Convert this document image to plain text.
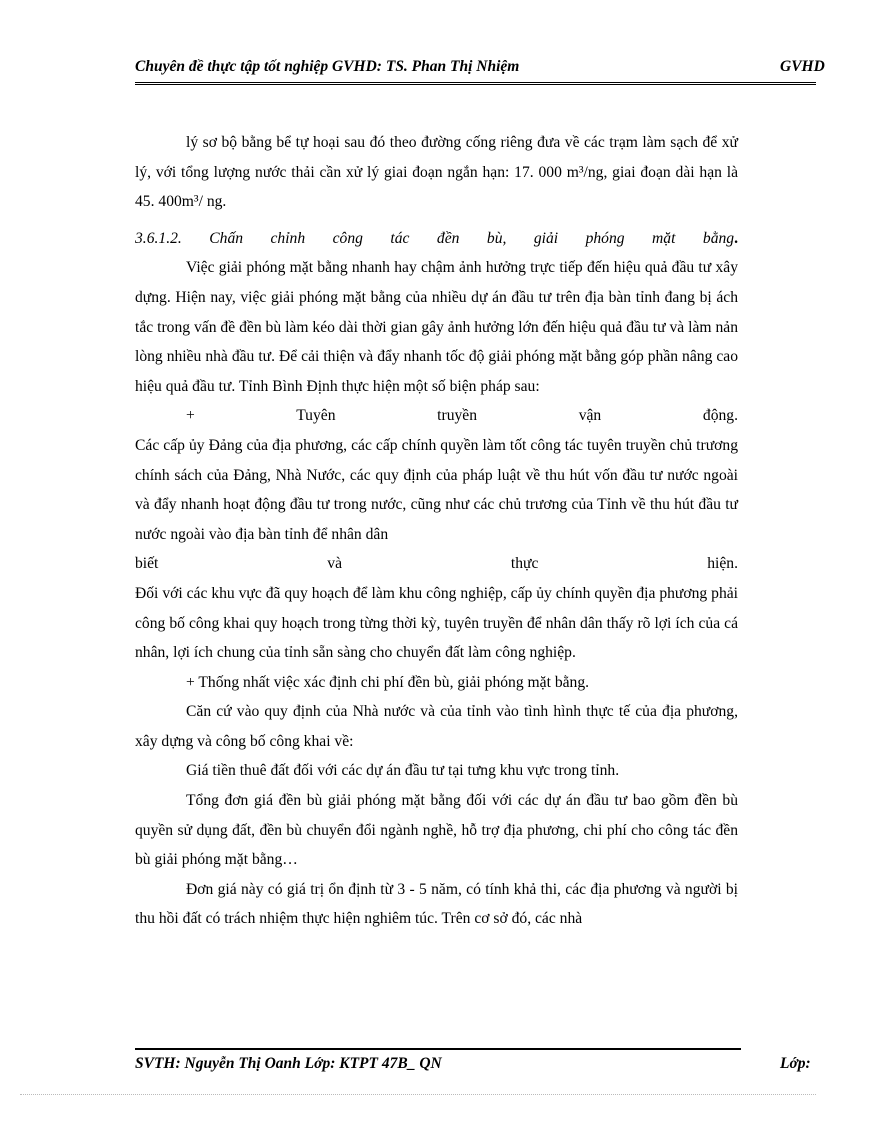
Chuyên đề thực tập tốt nghiệp GVHD: TS. Phan Thị Nhiệm	GVHD

lý sơ bộ bằng bể tự hoại sau đó theo đường cống riêng đưa về các trạm làm sạch để xử lý, với tổng lượng nước thải cần xử lý giai đoạn ngắn hạn: 17. 000 m³/ng, giai đoạn dài hạn là 45. 400m³/ ng.

3.6.1.2. Chấn chỉnh công tác đền bù, giải phóng mặt bằng.

Việc giải phóng mặt bằng nhanh hay chậm ảnh hưởng trực tiếp đến hiệu quả đầu tư xây dựng. Hiện nay, việc giải phóng mặt bằng của nhiều dự án đầu tư trên địa bàn tỉnh đang bị ách tắc trong vấn đề đền bù làm kéo dài thời gian gây ảnh hưởng lớn đến hiệu quả đầu tư và làm nản lòng nhiều nhà đầu tư. Để cải thiện và đẩy nhanh tốc độ giải phóng mặt bằng góp phần nâng cao hiệu quả đầu tư. Tỉnh Bình Định thực hiện một số biện pháp sau:

+ Tuyên truyền vận động.

Các cấp ủy Đảng của địa phương, các cấp chính quyền làm tốt công tác tuyên truyền chủ trương chính sách của Đảng, Nhà Nước, các quy định của pháp luật về thu hút vốn đầu tư nước ngoài và đẩy nhanh hoạt động đầu tư trong nước, cũng như các chủ trương của Tỉnh về thu hút đầu tư nước ngoài vào địa bàn tỉnh để nhân dân

biết và thực hiện.

Đối với các khu vực đã quy hoạch để làm khu công nghiệp, cấp ủy chính quyền địa phương phải công bố công khai quy hoạch trong từng thời kỳ, tuyên truyền để nhân dân thấy rõ lợi ích của cá nhân, lợi ích chung của tỉnh sẵn sàng cho chuyển đất làm công nghiệp.

+ Thống nhất việc xác định chi phí đền bù, giải phóng mặt bằng.

Căn cứ vào quy định của Nhà nước và của tỉnh vào tình hình thực tế của địa phương, xây dựng và công bố công khai về:

Giá tiền thuê đất đối với các dự án đầu tư tại tưng khu vực trong tỉnh.

Tổng đơn giá đền bù giải phóng mặt bằng đối với các dự án đầu tư bao gồm đền bù quyền sử dụng đất, đền bù chuyển đổi ngành nghề, hỗ trợ địa phương, chi phí cho công tác đền bù giải phóng mặt bằng…

Đơn giá này có giá trị ổn định từ 3 - 5 năm, có tính khả thi, các địa phương và người bị thu hồi đất có trách nhiệm thực hiện nghiêm túc. Trên cơ sở đó, các nhà

SVTH: Nguyễn Thị Oanh Lớp: KTPT 47B_ QN	Lớp:
